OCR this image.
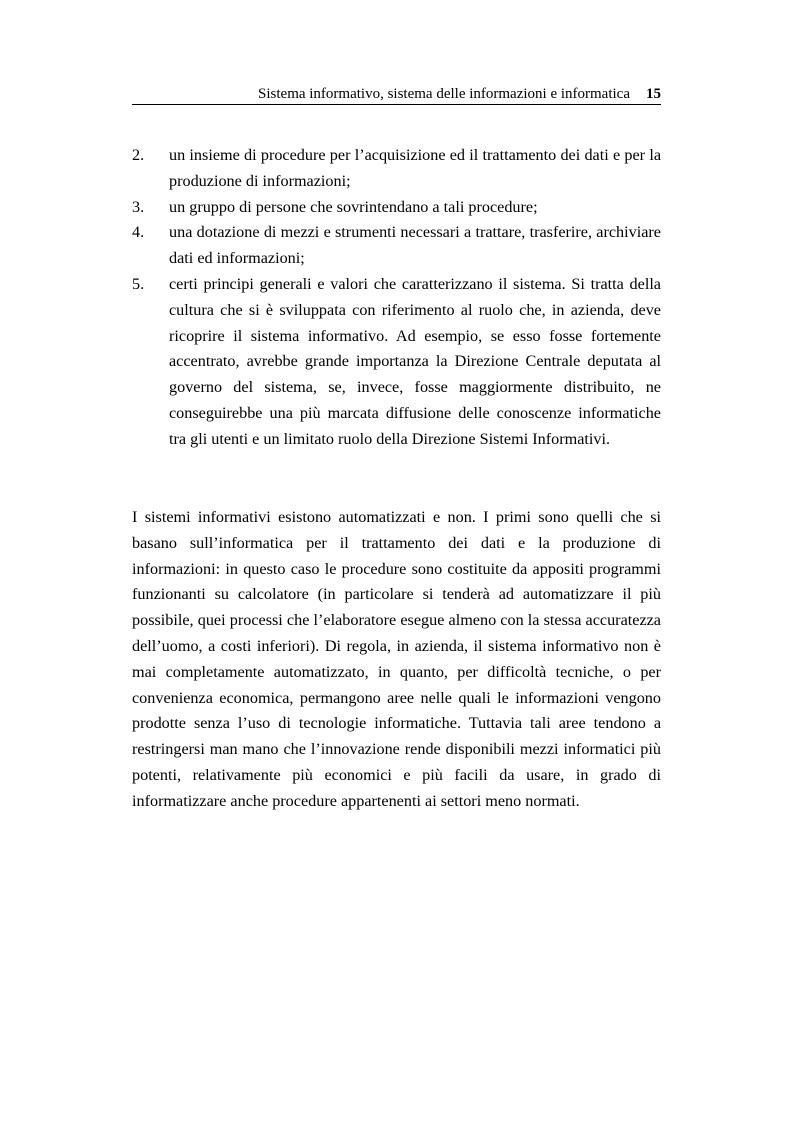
Sistema informativo, sistema delle informazioni e informatica 15
2. un insieme di procedure per l’acquisizione ed il trattamento dei dati e per la produzione di informazioni;
3. un gruppo di persone che sovrintendano a tali procedure;
4. una dotazione di mezzi e strumenti necessari a trattare, trasferire, archiviare dati ed informazioni;
5. certi principi generali e valori che caratterizzano il sistema. Si tratta della cultura che si è sviluppata con riferimento al ruolo che, in azienda, deve ricoprire il sistema informativo. Ad esempio, se esso fosse fortemente accentrato, avrebbe grande importanza la Direzione Centrale deputata al governo del sistema, se, invece, fosse maggiormente distribuito, ne conseguirebbe una più marcata diffusione delle conoscenze informatiche tra gli utenti e un limitato ruolo della Direzione Sistemi Informativi.

I sistemi informativi esistono automatizzati e non. I primi sono quelli che si basano sull’informatica per il trattamento dei dati e la produzione di informazioni: in questo caso le procedure sono costituite da appositi programmi funzionanti su calcolatore (in particolare si tenderà ad automatizzare il più possibile, quei processi che l’elaboratore esegue almeno con la stessa accuratezza dell’uomo, a costi inferiori). Di regola, in azienda, il sistema informativo non è mai completamente automatizzato, in quanto, per difficoltà tecniche, o per convenienza economica, permangono aree nelle quali le informazioni vengono prodotte senza l’uso di tecnologie informatiche. Tuttavia tali aree tendono a restringersi man mano che l’innovazione rende disponibili mezzi informatici più potenti, relativamente più economici e più facili da usare, in grado di informatizzare anche procedure appartenenti ai settori meno normati.
